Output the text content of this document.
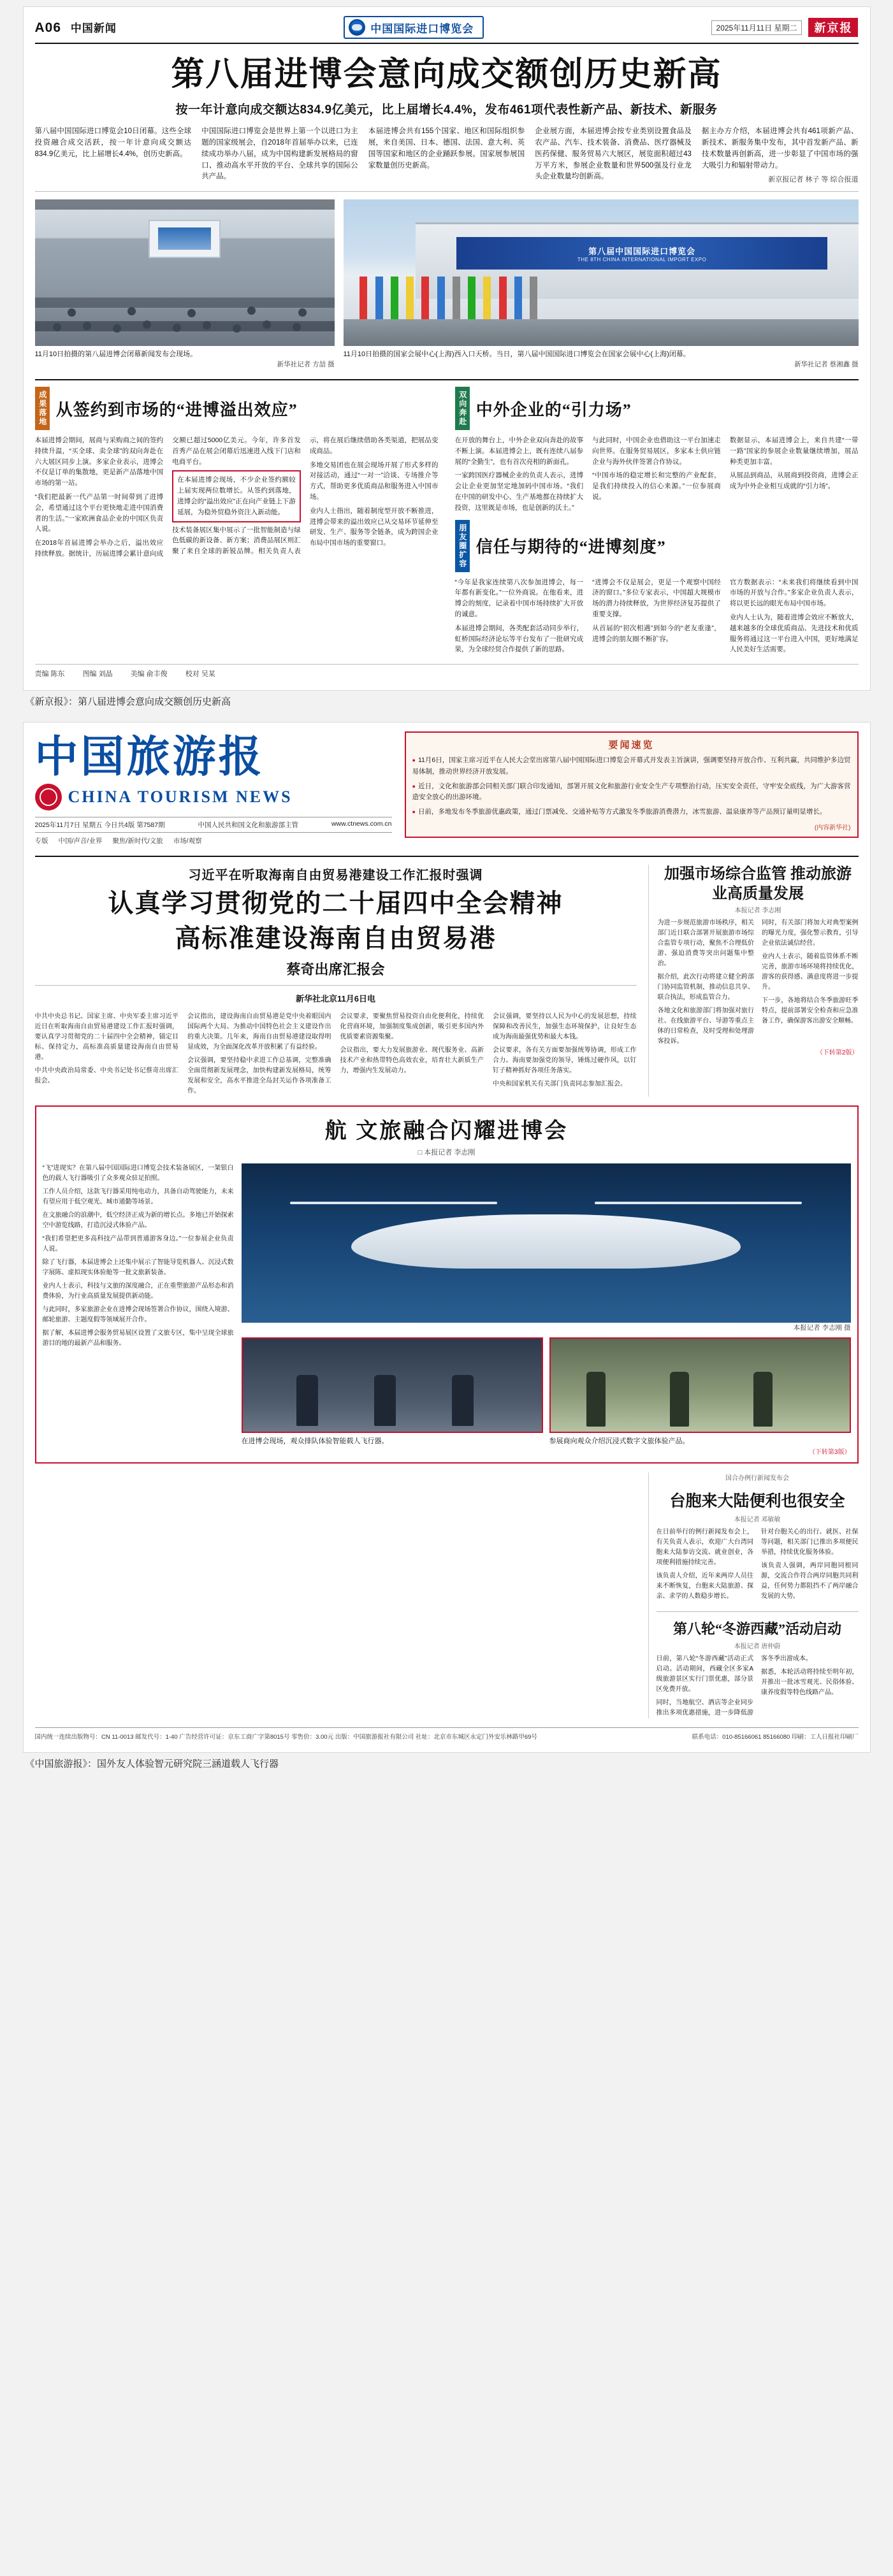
A06 中国新闻	中国国际进口博览会	2025年11月11日 星期二	新京报
第八届进博会意向成交额创历史新高
按一年计意向成交额达834.9亿美元，比上届增长4.4%，发布461项代表性新产品、新技术、新服务

第八届中国国际进口博览会10日闭幕。这些全球投资融合成交活跃，按一年计意向成交额达834.9亿美元，比上届增长4.4%，创历史新高。

中国国际进口博览会是世界上第一个以进口为主题的国家级展会，自2018年首届举办以来，已连续成功举办八届，成为中国构建新发展格局的窗口、推动高水平开放的平台、全球共享的国际公共产品。

本届进博会共有155个国家、地区和国际组织参展，来自美国、日本、德国、法国、意大利、英国等国家和地区的企业踊跃参展。国家展参展国家数量创历史新高。

企业展方面，本届进博会按专业类别设置食品及农产品、汽车、技术装备、消费品、医疗器械及医药保健、服务贸易六大展区，展览面积超过43万平方米，参展企业数量和世界500强及行业龙头企业数量均创新高。

据主办方介绍，本届进博会共有461项新产品、新技术、新服务集中发布，其中首发新产品、新技术数量再创新高，进一步彰显了中国市场的强大吸引力和辐射带动力。

新京报记者 林子 等 综合报道

11月10日拍摄的第八届进博会闭幕新闻发布会现场。
新华社记者 方喆 摄
第八届中国国际进口博览会
THE 8TH CHINA INTERNATIONAL IMPORT EXPO
11月10日拍摄的国家会展中心(上海)西入口天桥。当日，第八届中国国际进口博览会在国家会展中心(上海)闭幕。
新华社记者 蔡湘鑫 摄
成果落地 从签约到市场的“进博溢出效应”

本届进博会期间，展商与采购商之间的签约持续升温，“买全球、卖全球”的双向奔赴在六大展区同步上演。多家企业表示，进博会不仅是订单的集散地，更是新产品落地中国市场的第一站。

“我们把最新一代产品第一时间带到了进博会，希望通过这个平台更快地走进中国消费者的生活。”一家欧洲食品企业的中国区负责人说。

在2018年首届进博会举办之后，溢出效应持续释放。据统计，历届进博会累计意向成交额已超过5000亿美元。今年，许多首发首秀产品在展会闭幕后迅速进入线下门店和电商平台。

在本届进博会现场，不少企业签约额较上届实现两位数增长。从签约到落地，进博会的“溢出效应”正在向产业链上下游延展，为稳外贸稳外资注入新动能。

技术装备展区集中展示了一批智能制造与绿色低碳的新设备、新方案；消费品展区则汇聚了来自全球的新锐品牌。相关负责人表示，将在展后继续借助各类渠道，把展品变成商品。

多地交易团也在展会现场开展了形式多样的对接活动，通过“一对一”洽谈、专场推介等方式，帮助更多优质商品和服务进入中国市场。

业内人士指出，随着制度型开放不断推进，进博会带来的溢出效应已从交易环节延伸至研发、生产、服务等全链条，成为跨国企业布局中国市场的重要窗口。

双向奔赴 中外企业的“引力场”

在开放的舞台上，中外企业双向奔赴的故事不断上演。本届进博会上，既有连续八届参展的“全勤生”，也有首次亮相的新面孔。

一家跨国医疗器械企业的负责人表示，进博会让企业更加坚定地加码中国市场。“我们在中国的研发中心、生产基地都在持续扩大投资，这里既是市场，也是创新的沃土。”

与此同时，中国企业也借助这一平台加速走向世界。在服务贸易展区，多家本土供应链企业与海外伙伴签署合作协议。

“中国市场的稳定增长和完整的产业配套，是我们持续投入的信心来源。”一位参展商说。

数据显示，本届进博会上，来自共建“一带一路”国家的参展企业数量继续增加，展品种类更加丰富。

从展品到商品，从展商到投资商，进博会正成为中外企业相互成就的“引力场”。

朋友圈扩容 信任与期待的“进博刻度”

“今年是我家连续第八次参加进博会，每一年都有新变化。”一位外商说。在他看来，进博会的刻度，记录着中国市场持续扩大开放的诚意。

本届进博会期间，各类配套活动同步举行，虹桥国际经济论坛等平台发布了一批研究成果，为全球经贸合作提供了新的思路。

“进博会不仅是展会，更是一个观察中国经济的窗口。”多位专家表示，中国超大规模市场的潜力持续释放，为世界经济复苏提供了重要支撑。

从首届的“初次相遇”到如今的“老友重逢”，进博会的朋友圈不断扩容。

官方数据表示：“未来我们将继续看到中国市场的开放与合作。”多家企业负责人表示，将以更长远的眼光布局中国市场。

业内人士认为，随着进博会效应不断放大，越来越多的全球优质商品、先进技术和优质服务将通过这一平台进入中国，更好地满足人民美好生活需要。

责编 陈东	图编 刘晶	美编 俞丰俊	校对 吴某
《新京报》：第八届进博会意向成交额创历史新高
中国旅游报
CHINA TOURISM NEWS
2025年11月7日 星期五 今日共4版 第7587期	中国人民共和国文化和旅游部主管	www.ctnews.com.cn
专版 中国/声音/业界 聚焦/新时代/文旅 市场/观察
要闻速览

● 11月6日，国家主席习近平在人民大会堂出席第八届中国国际进口博览会开幕式并发表主旨演讲，强调要坚持开放合作、互利共赢，共同维护多边贸易体制，推动世界经济开放发展。

● 近日，文化和旅游部会同相关部门联合印发通知，部署开展文化和旅游行业安全生产专项整治行动，压实安全责任，守牢安全底线，为广大游客营造安全放心的出游环境。

● 日前，多地发布冬季旅游优惠政策，通过门票减免、交通补贴等方式激发冬季旅游消费潜力，冰雪旅游、温泉康养等产品预订量明显增长。

(内容新华社)
习近平在听取海南自由贸易港建设工作汇报时强调
认真学习贯彻党的二十届四中全会精神
高标准建设海南自由贸易港
蔡奇出席汇报会
新华社北京11月6日电

中共中央总书记、国家主席、中央军委主席习近平近日在听取海南自由贸易港建设工作汇报时强调，要认真学习贯彻党的二十届四中全会精神，锚定目标、保持定力，高标准高质量建设海南自由贸易港。

中共中央政治局常委、中央书记处书记蔡奇出席汇报会。

会议指出，建设海南自由贸易港是党中央着眼国内国际两个大局、为推动中国特色社会主义建设作出的重大决策。几年来，海南自由贸易港建设取得明显成效，为全面深化改革开放积累了有益经验。

会议强调，要坚持稳中求进工作总基调，完整准确全面贯彻新发展理念，加快构建新发展格局，统筹发展和安全，高水平推进全岛封关运作各项准备工作。

会议要求，要聚焦贸易投资自由化便利化，持续优化营商环境，加强制度集成创新，吸引更多国内外优质要素资源集聚。

会议指出，要大力发展旅游业、现代服务业、高新技术产业和热带特色高效农业，培育壮大新质生产力，增强内生发展动力。

会议强调，要坚持以人民为中心的发展思想，持续保障和改善民生，加强生态环境保护，让良好生态成为海南最强优势和最大本钱。

会议要求，各有关方面要加强统筹协调，形成工作合力。海南要加强党的领导，锤炼过硬作风，以钉钉子精神抓好各项任务落实。

中央和国家机关有关部门负责同志参加汇报会。

加强市场综合监管 推动旅游业高质量发展
本报记者 李志刚

为进一步规范旅游市场秩序，相关部门近日联合部署开展旅游市场综合监管专项行动，聚焦不合理低价游、强迫消费等突出问题集中整治。

据介绍，此次行动将建立健全跨部门协同监管机制，推动信息共享、联合执法，形成监管合力。

各地文化和旅游部门将加强对旅行社、在线旅游平台、导游等重点主体的日常检查，及时受理和处理游客投诉。

同时，有关部门将加大对典型案例的曝光力度，强化警示教育，引导企业依法诚信经营。

业内人士表示，随着监管体系不断完善，旅游市场环境将持续优化，游客的获得感、满意度将进一步提升。

下一步，各地将结合冬季旅游旺季特点，提前部署安全检查和应急准备工作，确保游客出游安全顺畅。

（下转第2版）
航 文旅融合闪耀进博会
□ 本报记者 李志刚

“飞”进现实？在第八届中国国际进口博览会技术装备展区，一架银白色的载人飞行器吸引了众多观众驻足拍照。

工作人员介绍，这款飞行器采用纯电动力，具备自动驾驶能力，未来有望应用于低空观光、城市通勤等场景。

在文旅融合的浪潮中，低空经济正成为新的增长点。多地已开始探索空中游览线路，打造沉浸式体验产品。

“我们希望把更多高科技产品带到普通游客身边。”一位参展企业负责人说。

除了飞行器，本届进博会上还集中展示了智能导览机器人、沉浸式数字展陈、虚拟现实体验舱等一批文旅新装备。

业内人士表示，科技与文旅的深度融合，正在重塑旅游产品形态和消费体验，为行业高质量发展提供新动能。

与此同时，多家旅游企业在进博会现场签署合作协议，围绕入境游、邮轮旅游、主题度假等领域展开合作。

据了解，本届进博会服务贸易展区设置了文旅专区，集中呈现全球旅游目的地的最新产品和服务。

本报记者 李志刚 摄
在进博会现场，观众排队体验智能载人飞行器。	参展商向观众介绍沉浸式数字文旅体验产品。
（下转第3版）
国合办例行新闻发布会
台胞来大陆便利也很安全
本报记者 邓敏敏

在日前举行的例行新闻发布会上，有关负责人表示，欢迎广大台湾同胞来大陆参访交流、就业创业，各项便利措施持续完善。

该负责人介绍，近年来两岸人员往来不断恢复，台胞来大陆旅游、探亲、求学的人数稳步增长。

针对台胞关心的出行、就医、社保等问题，相关部门已推出多项便民举措，持续优化服务体验。

该负责人强调，两岸同胞同根同源，交流合作符合两岸同胞共同利益，任何势力都阻挡不了两岸融合发展的大势。

第八轮“冬游西藏”活动启动
本报记者 唐仲蔚

日前，第八轮“冬游西藏”活动正式启动。活动期间，西藏全区多家A级旅游景区实行门票优惠，部分景区免费开放。

同时，当地航空、酒店等企业同步推出多项优惠措施，进一步降低游客冬季出游成本。

据悉，本轮活动将持续至明年初，并推出一批冰雪观光、民俗体验、康养度假等特色线路产品。

国内统一连续出版物号：CN 11-0013 邮发代号：1-40 广告经营许可证：京东工商广字第8015号 零售价：3.00元 出版：中国旅游报社有限公司 社址：北京市东城区永定门外安乐林路甲69号	联系电话：010-85166061 85166080 印刷：工人日报社印刷厂
《中国旅游报》：国外友人体验智元研究院三涵道载人飞行器
